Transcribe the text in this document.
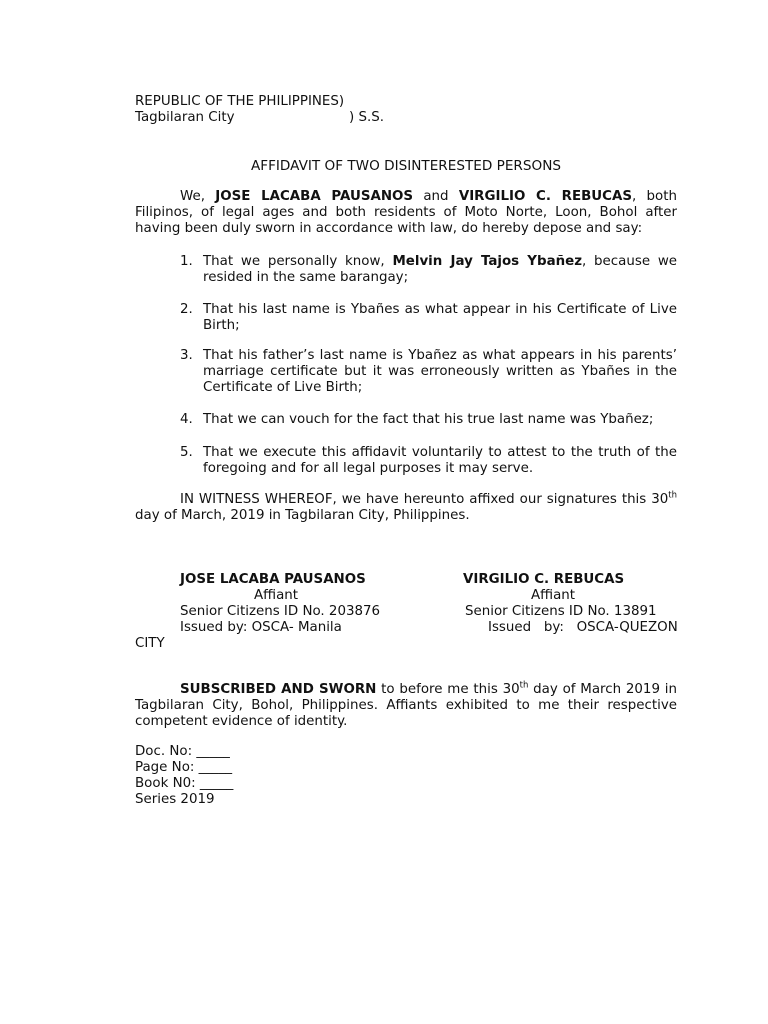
REPUBLIC OF THE PHILIPPINES)
Tagbilaran City	) S.S.
AFFIDAVIT OF TWO DISINTERESTED PERSONS
We, JOSE LACABA PAUSANOS and VIRGILIO C. REBUCAS, both Filipinos, of legal ages and both residents of Moto Norte, Loon, Bohol after having been duly sworn in accordance with law, do hereby depose and say:
1. That we personally know, Melvin Jay Tajos Ybañez, because we resided in the same barangay;
2. That his last name is Ybañes as what appear in his Certificate of Live Birth;
3. That his father’s last name is Ybañez as what appears in his parents’ marriage certificate but it was erroneously written as Ybañes in the Certificate of Live Birth;
4. That we can vouch for the fact that his true last name was Ybañez;
5. That we execute this affidavit voluntarily to attest to the truth of the foregoing and for all legal purposes it may serve.
IN WITNESS WHEREOF, we have hereunto affixed our signatures this 30th day of March, 2019 in Tagbilaran City, Philippines.
JOSE LACABA PAUSANOS
Affiant
Senior Citizens ID No. 203876
Issued by: OSCA- Manila
VIRGILIO C. REBUCAS
Affiant
Senior Citizens ID No. 13891
Issued   by:   OSCA-QUEZON
CITY
SUBSCRIBED AND SWORN to before me this 30th day of March 2019 in Tagbilaran City, Bohol, Philippines. Affiants exhibited to me their respective competent evidence of identity.
Doc. No: _____
Page No: _____
Book N0: _____
Series 2019
